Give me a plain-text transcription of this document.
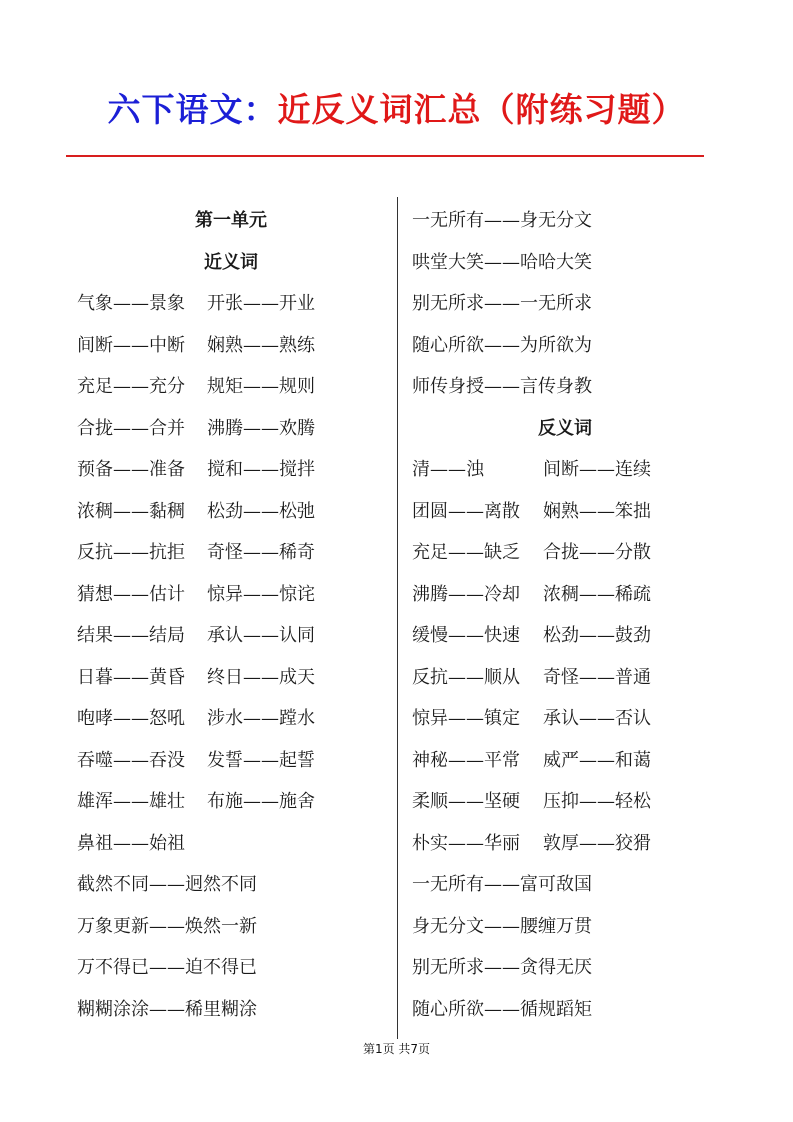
六下语文：近反义词汇总（附练习题）
第一单元
近义词
气象——景象 开张——开业
间断——中断 娴熟——熟练
充足——充分 规矩——规则
合拢——合并 沸腾——欢腾
预备——准备 搅和——搅拌
浓稠——黏稠 松劲——松弛
反抗——抗拒 奇怪——稀奇
猜想——估计 惊异——惊诧
结果——结局 承认——认同
日暮——黄昏 终日——成天
咆哮——怒吼 涉水——蹚水
吞噬——吞没 发誓——起誓
雄浑——雄壮 布施——施舍
鼻祖——始祖
截然不同——迥然不同
万象更新——焕然一新
万不得已——迫不得已
糊糊涂涂——稀里糊涂
一无所有——身无分文
哄堂大笑——哈哈大笑
别无所求——一无所求
随心所欲——为所欲为
师传身授——言传身教
反义词
清——浊	间断——连续
团圆——离散 娴熟——笨拙
充足——缺乏 合拢——分散
沸腾——冷却 浓稠——稀疏
缓慢——快速 松劲——鼓劲
反抗——顺从 奇怪——普通
惊异——镇定 承认——否认
神秘——平常 威严——和蔼
柔顺——坚硬 压抑——轻松
朴实——华丽 敦厚——狡猾
一无所有——富可敌国
身无分文——腰缠万贯
别无所求——贪得无厌
随心所欲——循规蹈矩
第1页 共7页
